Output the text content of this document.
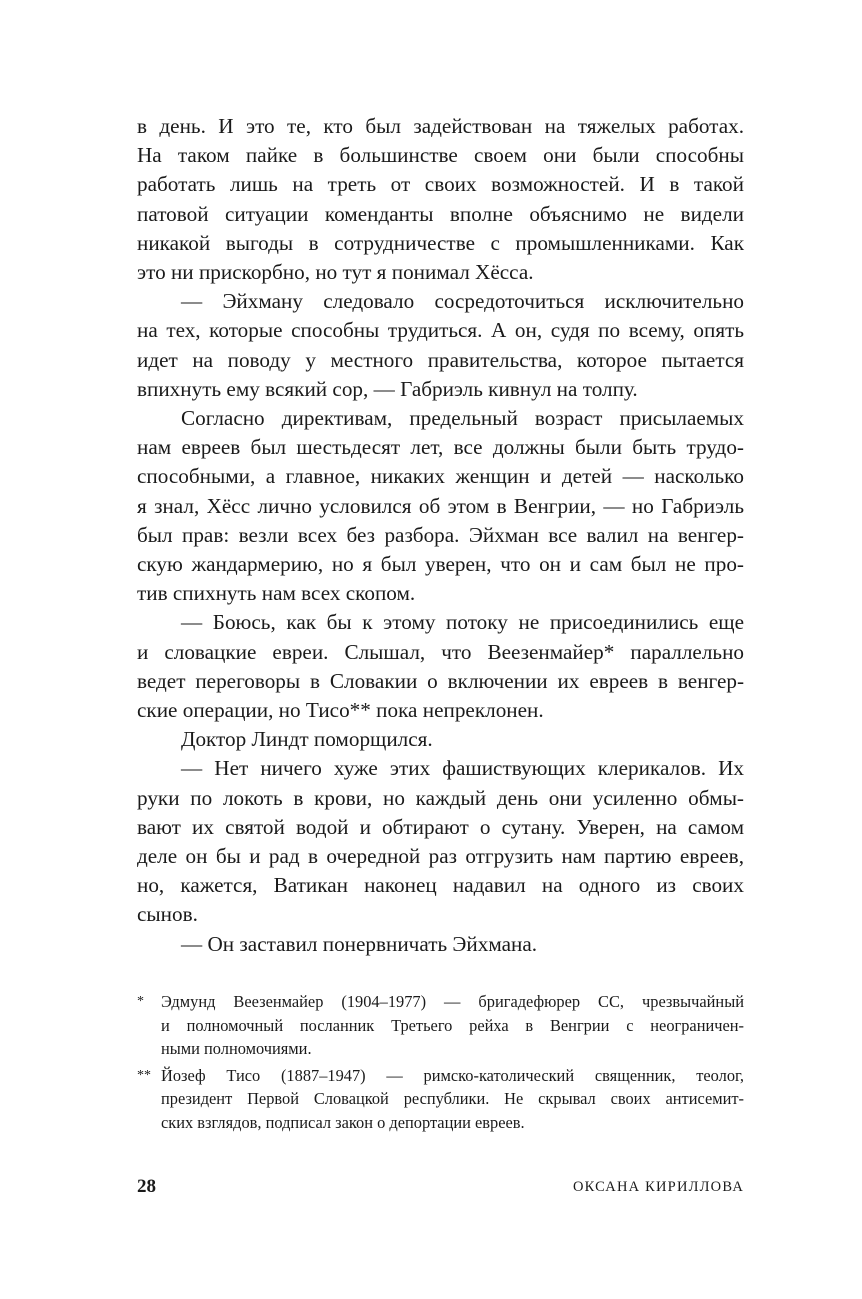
в день. И это те, кто был задействован на тяжелых работах.
На таком пайке в большинстве своем они были способны
работать лишь на треть от своих возможностей. И в такой
патовой ситуации коменданты вполне объяснимо не видели
никакой выгоды в сотрудничестве с промышленниками. Как
это ни прискорбно, но тут я понимал Хёсса.
— Эйхману следовало сосредоточиться исключительно
на тех, которые способны трудиться. А он, судя по всему, опять
идет на поводу у местного правительства, которое пытается
впихнуть ему всякий сор, — Габриэль кивнул на толпу.
Согласно директивам, предельный возраст присылаемых
нам евреев был шестьдесят лет, все должны были быть трудо-
способными, а главное, никаких женщин и детей — насколько
я знал, Хёсс лично условился об этом в Венгрии, — но Габриэль
был прав: везли всех без разбора. Эйхман все валил на венгер-
скую жандармерию, но я был уверен, что он и сам был не про-
тив спихнуть нам всех скопом.
— Боюсь, как бы к этому потоку не присоединились еще
и словацкие евреи. Слышал, что Веезенмайер* параллельно
ведет переговоры в Словакии о включении их евреев в венгер-
ские операции, но Тисо** пока непреклонен.
Доктор Линдт поморщился.
— Нет ничего хуже этих фашиствующих клерикалов. Их
руки по локоть в крови, но каждый день они усиленно обмы-
вают их святой водой и обтирают о сутану. Уверен, на самом
деле он бы и рад в очередной раз отгрузить нам партию евреев,
но, кажется, Ватикан наконец надавил на одного из своих
сынов.
— Он заставил понервничать Эйхмана.
* Эдмунд Веезенмайер (1904–1977) — бригадефюрер СС, чрезвычайный
и полномочный посланник Третьего рейха в Венгрии с неограничен-
ными полномочиями.
** Йозеф Тисо (1887–1947) — римско-католический священник, теолог,
президент Первой Словацкой республики. Не скрывал своих антисемит-
ских взглядов, подписал закон о депортации евреев.
28	ОКСАНА КИРИЛЛОВА
